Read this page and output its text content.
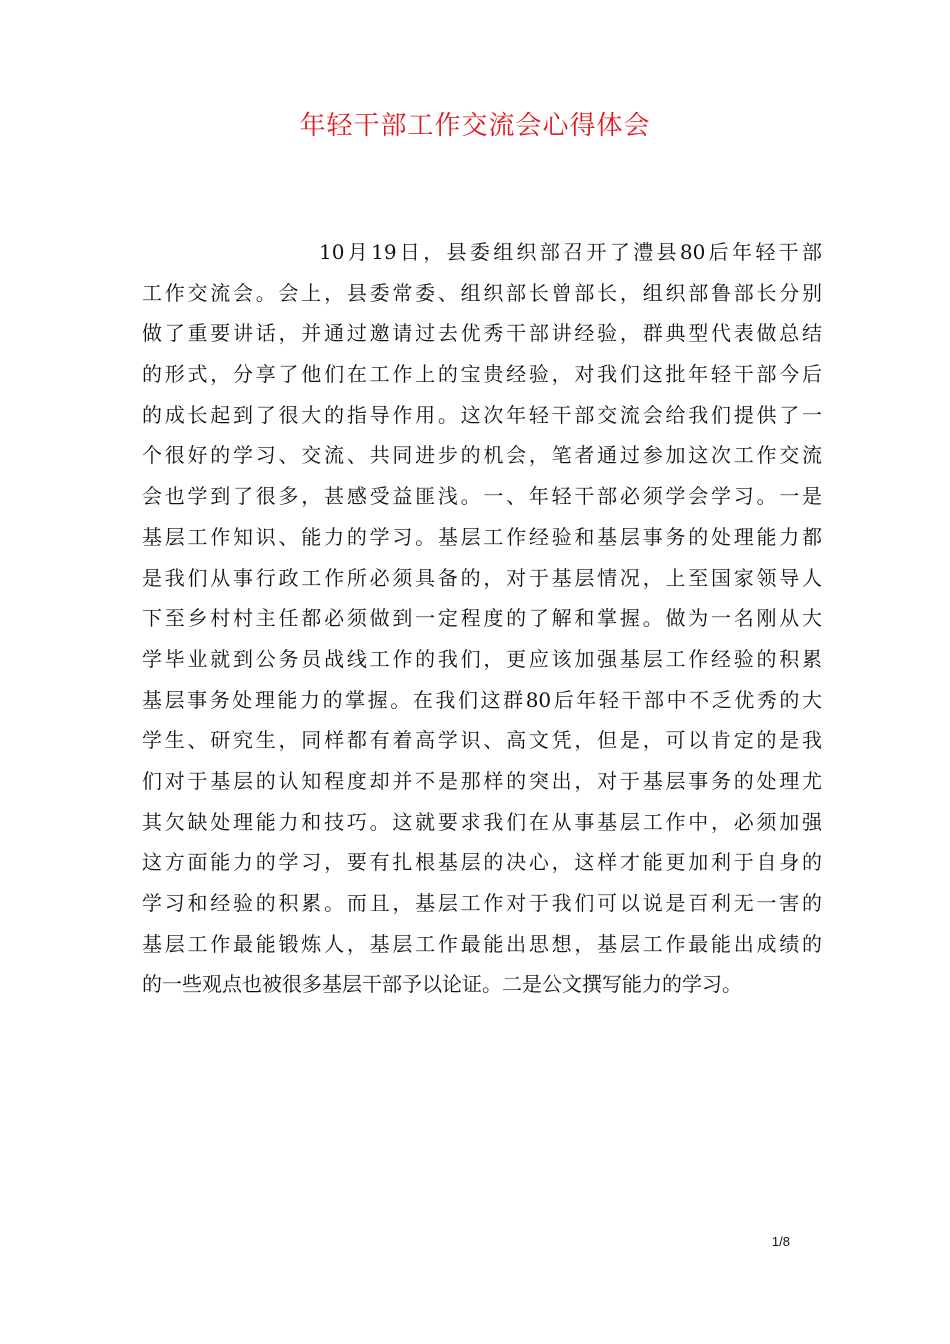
年轻干部工作交流会心得体会
10月19日，县委组织部召开了澧县80后年轻干部
工作交流会。会上，县委常委、组织部长曾部长，组织部鲁部长分别
做了重要讲话，并通过邀请过去优秀干部讲经验，群典型代表做总结
的形式，分享了他们在工作上的宝贵经验，对我们这批年轻干部今后
的成长起到了很大的指导作用。这次年轻干部交流会给我们提供了一
个很好的学习、交流、共同进步的机会，笔者通过参加这次工作交流
会也学到了很多，甚感受益匪浅。一、年轻干部必须学会学习。一是
基层工作知识、能力的学习。基层工作经验和基层事务的处理能力都
是我们从事行政工作所必须具备的，对于基层情况，上至国家领导人
下至乡村村主任都必须做到一定程度的了解和掌握。做为一名刚从大
学毕业就到公务员战线工作的我们，更应该加强基层工作经验的积累
基层事务处理能力的掌握。在我们这群80后年轻干部中不乏优秀的大
学生、研究生，同样都有着高学识、高文凭，但是，可以肯定的是我
们对于基层的认知程度却并不是那样的突出，对于基层事务的处理尤
其欠缺处理能力和技巧。这就要求我们在从事基层工作中，必须加强
这方面能力的学习，要有扎根基层的决心，这样才能更加利于自身的
学习和经验的积累。而且，基层工作对于我们可以说是百利无一害的
基层工作最能锻炼人，基层工作最能出思想，基层工作最能出成绩的
的一些观点也被很多基层干部予以论证。二是公文撰写能力的学习。
1/8
